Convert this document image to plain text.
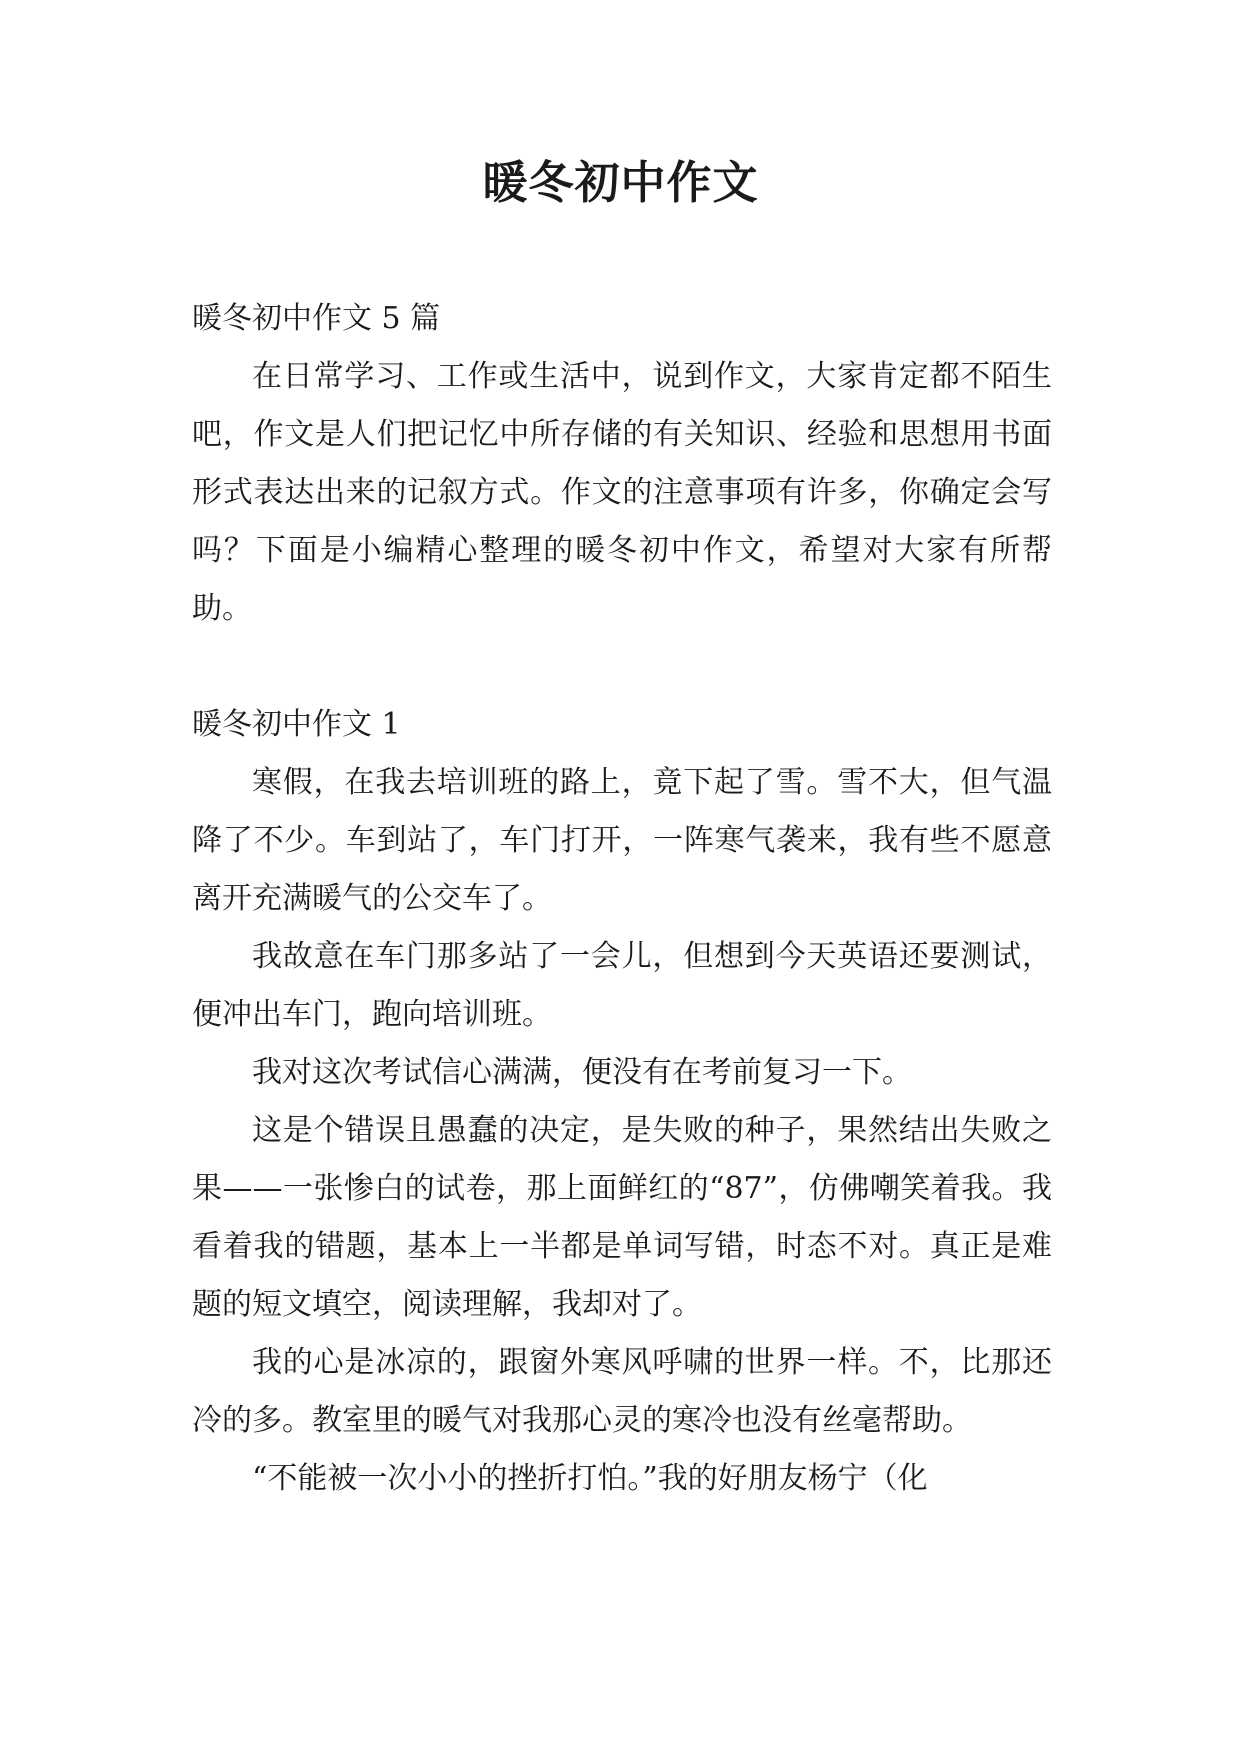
暖冬初中作文

暖冬初中作文 5 篇

在日常学习、工作或生活中，说到作文，大家肯定都不陌生吧，作文是人们把记忆中所存储的有关知识、经验和思想用书面形式表达出来的记叙方式。作文的注意事项有许多，你确定会写吗？下面是小编精心整理的暖冬初中作文，希望对大家有所帮助。

暖冬初中作文 1

寒假，在我去培训班的路上，竟下起了雪。雪不大，但气温降了不少。车到站了，车门打开，一阵寒气袭来，我有些不愿意离开充满暖气的公交车了。

我故意在车门那多站了一会儿，但想到今天英语还要测试，便冲出车门，跑向培训班。

我对这次考试信心满满，便没有在考前复习一下。

这是个错误且愚蠢的决定，是失败的种子，果然结出失败之果——一张惨白的试卷，那上面鲜红的“87”，仿佛嘲笑着我。我看着我的错题，基本上一半都是单词写错，时态不对。真正是难题的短文填空，阅读理解，我却对了。

我的心是冰凉的，跟窗外寒风呼啸的世界一样。不，比那还冷的多。教室里的暖气对我那心灵的寒冷也没有丝毫帮助。

“不能被一次小小的挫折打怕。”我的好朋友杨宁（化
